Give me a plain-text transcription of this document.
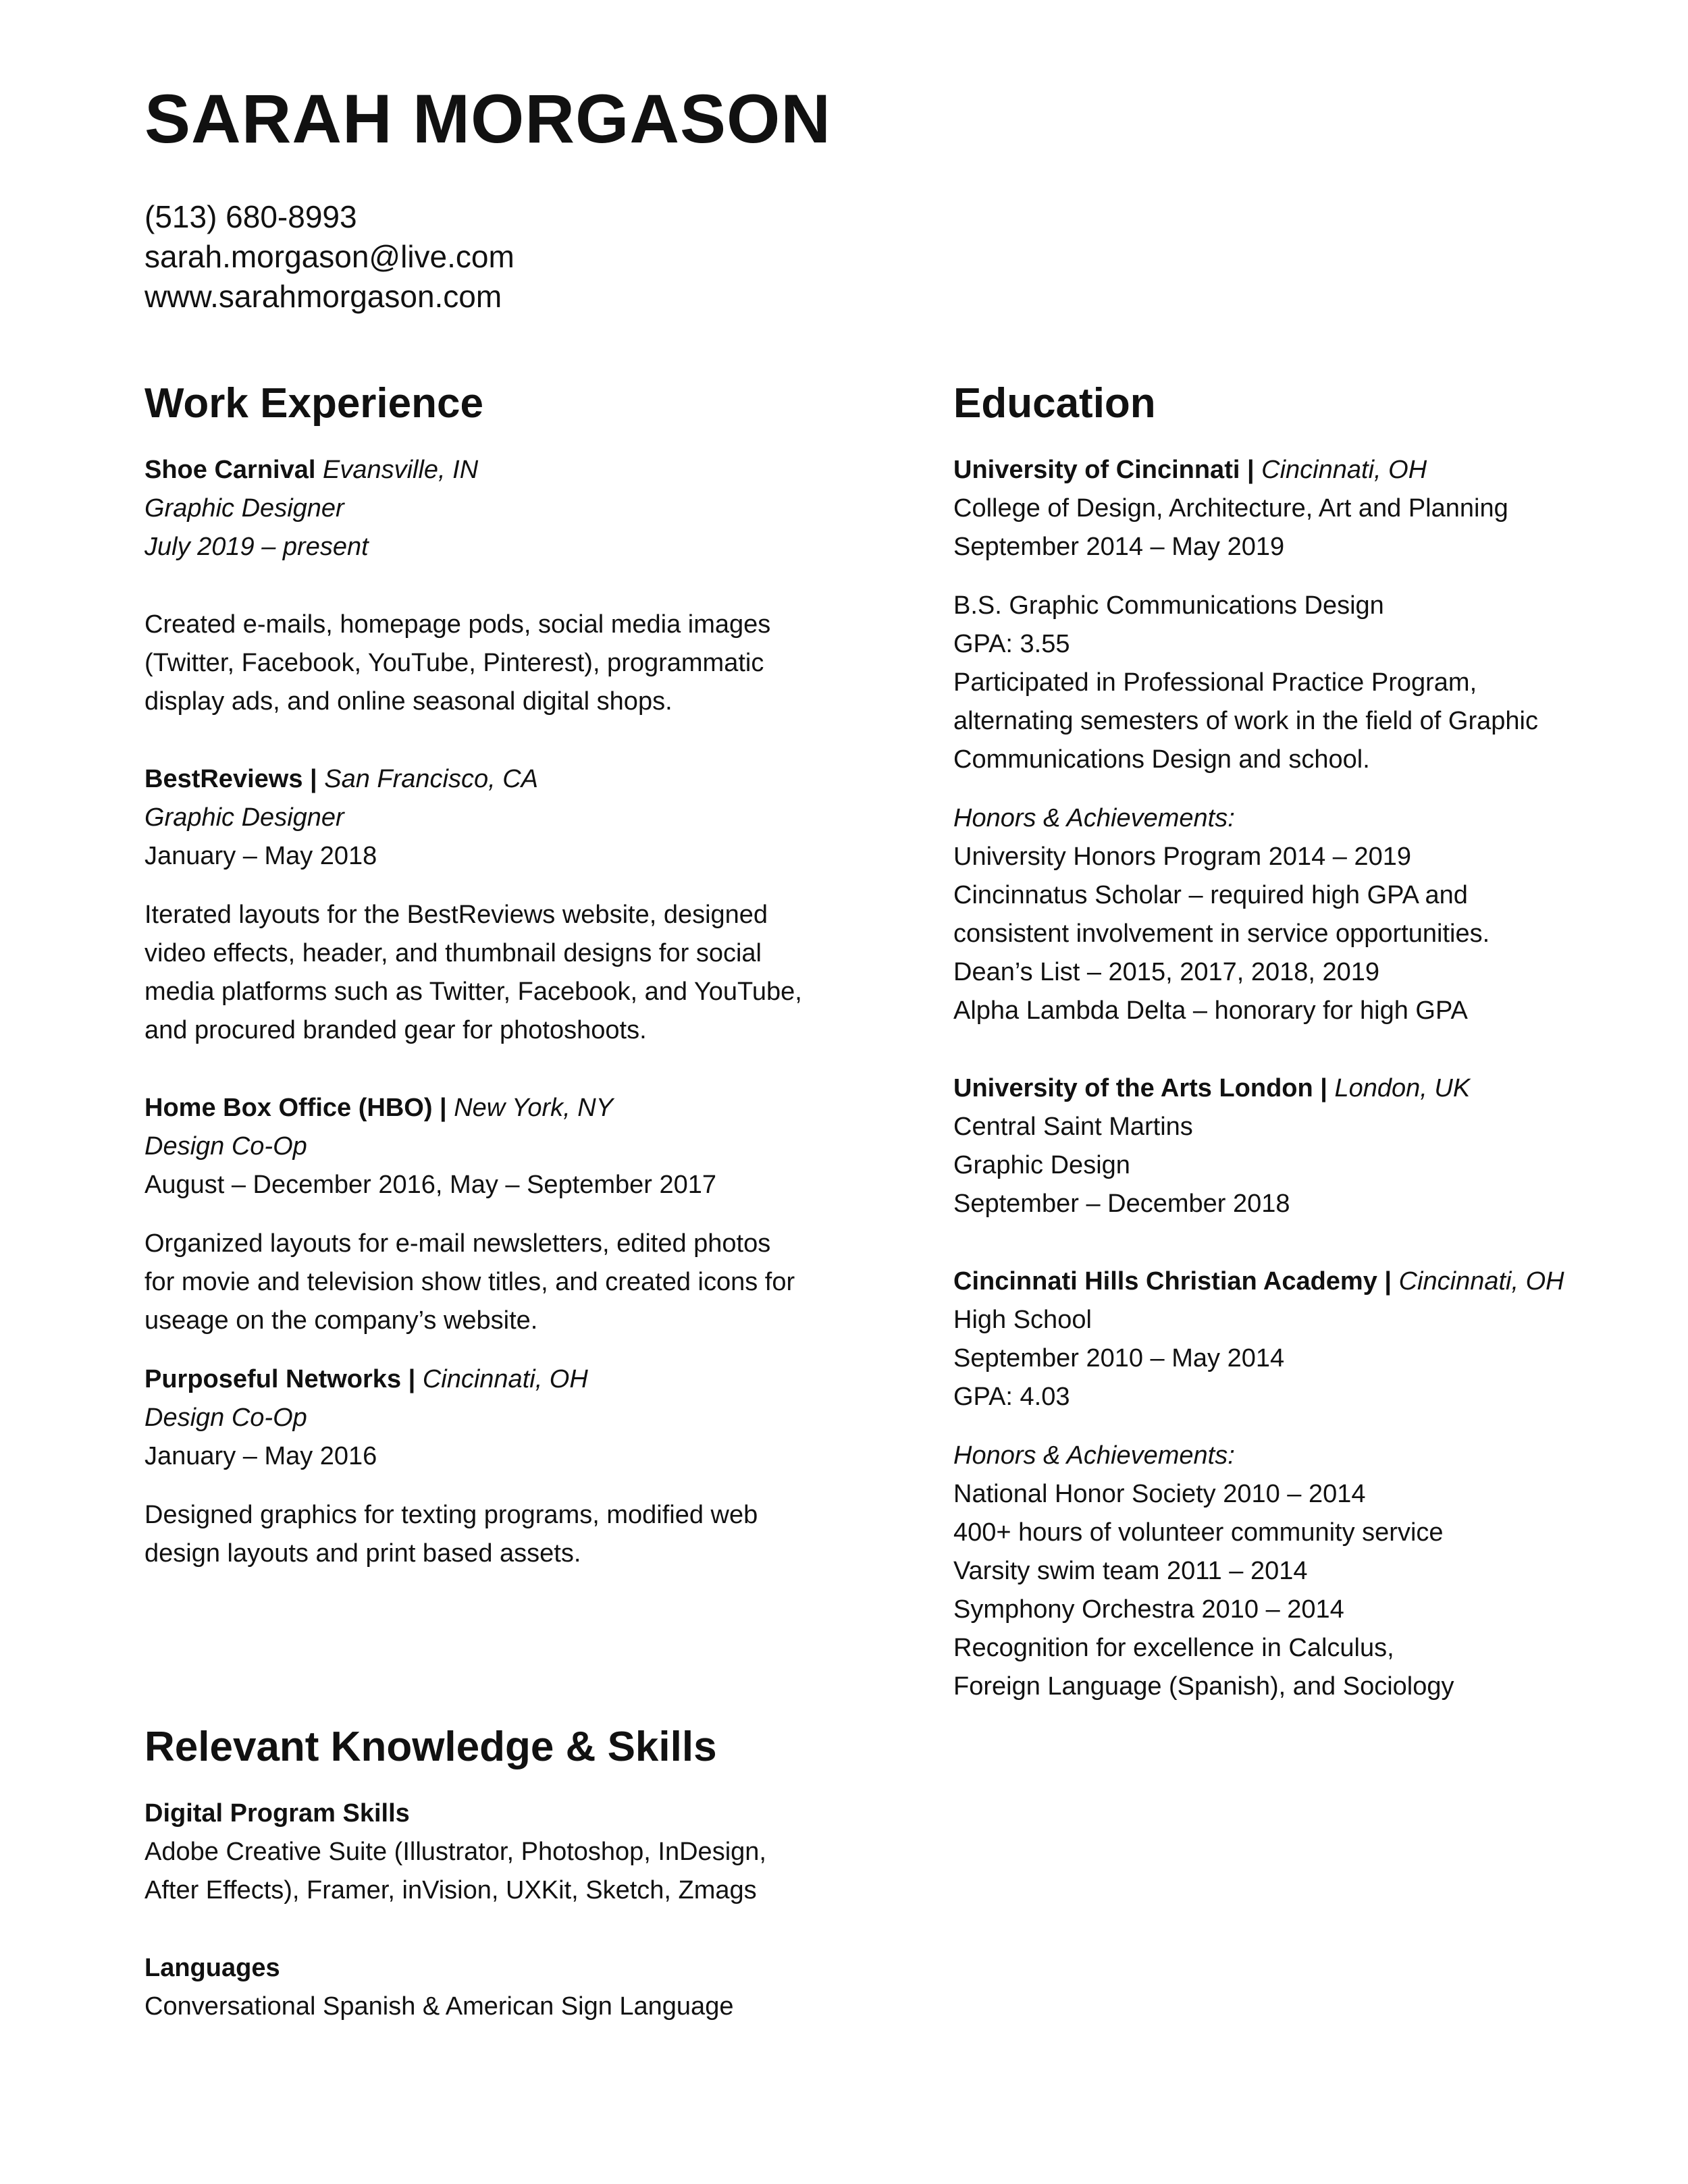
SARAH MORGASON
(513) 680-8993
sarah.morgason@live.com
www.sarahmorgason.com
Work Experience
Shoe Carnival Evansville, IN
Graphic Designer
July 2019 – present
Created e-mails, homepage pods, social media images
(Twitter, Facebook, YouTube, Pinterest), programmatic
display ads, and online seasonal digital shops.
BestReviews | San Francisco, CA
Graphic Designer
January – May 2018
Iterated layouts for the BestReviews website, designed
video effects, header, and thumbnail designs for social
media platforms such as Twitter, Facebook, and YouTube,
and procured branded gear for photoshoots.
Home Box Office (HBO) | New York, NY
Design Co-Op
August – December 2016, May – September 2017
Organized layouts for e-mail newsletters, edited photos
for movie and television show titles, and created icons for
useage on the company’s website.
Purposeful Networks | Cincinnati, OH
Design Co-Op
January – May 2016
Designed graphics for texting programs, modified web
design layouts and print based assets.
Education
University of Cincinnati | Cincinnati, OH
College of Design, Architecture, Art and Planning
September 2014 – May 2019
B.S. Graphic Communications Design
GPA: 3.55
Participated in Professional Practice Program,
alternating semesters of work in the field of Graphic
Communications Design and school.
Honors & Achievements:
University Honors Program 2014 – 2019
Cincinnatus Scholar – required high GPA and
consistent involvement in service opportunities.
Dean’s List – 2015, 2017, 2018, 2019
Alpha Lambda Delta – honorary for high GPA
University of the Arts London | London, UK
Central Saint Martins
Graphic Design
September – December 2018
Cincinnati Hills Christian Academy | Cincinnati, OH
High School
September 2010 – May 2014
GPA: 4.03
Honors & Achievements:
National Honor Society 2010 – 2014
400+ hours of volunteer community service
Varsity swim team 2011 – 2014
Symphony Orchestra 2010 – 2014
Recognition for excellence in Calculus,
Foreign Language (Spanish), and Sociology
Relevant Knowledge & Skills
Digital Program Skills
Adobe Creative Suite (Illustrator, Photoshop, InDesign,
After Effects), Framer, inVision, UXKit, Sketch, Zmags
Languages
Conversational Spanish & American Sign Language
